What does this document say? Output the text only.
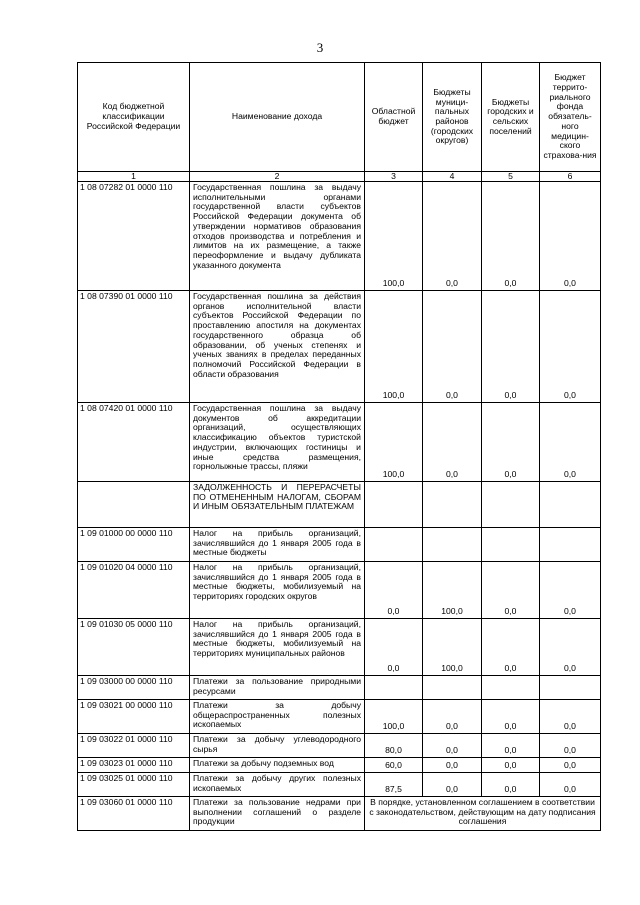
3
Код бюджетной классификации Российской Федерации	Наименование дохода	Областной бюджет	Бюджеты муници-пальных районов (городских округов)	Бюджеты городских и сельских поселений	Бюджет террито-риального фонда обязатель-ного медицин-ского страхова-ния
1	2	3	4	5	6
1 08 07282 01 0000 110	Государственная пошлина за выдачу исполнительными органами государственной власти субъектов Российской Федерации документа об утверждении нормативов образования отходов производства и потребления и лимитов на их размещение, а также переоформление и выдачу дубликата указанного документа	100,0	0,0	0,0	0,0
1 08 07390 01 0000 110	Государственная пошлина за действия органов исполнительной власти субъектов Российской Федерации по проставлению апостиля на документах государственного образца об образовании, об ученых степенях и ученых званиях в пределах переданных полномочий Российской Федерации в области образования	100,0	0,0	0,0	0,0
1 08 07420 01 0000 110	Государственная пошлина за выдачу документов об аккредитации организаций, осуществляющих классификацию объектов туристской индустрии, включающих гостиницы и иные средства размещения, горнолыжные трассы, пляжи	100,0	0,0	0,0	0,0
	ЗАДОЛЖЕННОСТЬ И ПЕРЕРАСЧЕТЫ ПО ОТМЕНЕННЫМ НАЛОГАМ, СБОРАМ И ИНЫМ ОБЯЗАТЕЛЬНЫМ ПЛАТЕЖАМ				
1 09 01000 00 0000 110	Налог на прибыль организаций, зачислявшийся до 1 января 2005 года в местные бюджеты				
1 09 01020 04 0000 110	Налог на прибыль организаций, зачислявшийся до 1 января 2005 года в местные бюджеты, мобилизуемый на территориях городских округов	0,0	100,0	0,0	0,0
1 09 01030 05 0000 110	Налог на прибыль организаций, зачислявшийся до 1 января 2005 года в местные бюджеты, мобилизуемый на территориях муниципальных районов	0,0	100,0	0,0	0,0
1 09 03000 00 0000 110	Платежи за пользование природными ресурсами				
1 09 03021 00 0000 110	Платежи за добычу общераспространенных полезных ископаемых	100,0	0,0	0,0	0,0
1 09 03022 01 0000 110	Платежи за добычу углеводородного сырья	80,0	0,0	0,0	0,0
1 09 03023 01 0000 110	Платежи за добычу подземных вод	60,0	0,0	0,0	0,0
1 09 03025 01 0000 110	Платежи за добычу других полезных ископаемых	87,5	0,0	0,0	0,0
1 09 03060 01 0000 110	Платежи за пользование недрами при выполнении соглашений о разделе продукции	В порядке, установленном соглашением в соответствии с законодательством, действующим на дату подписания соглашения			
